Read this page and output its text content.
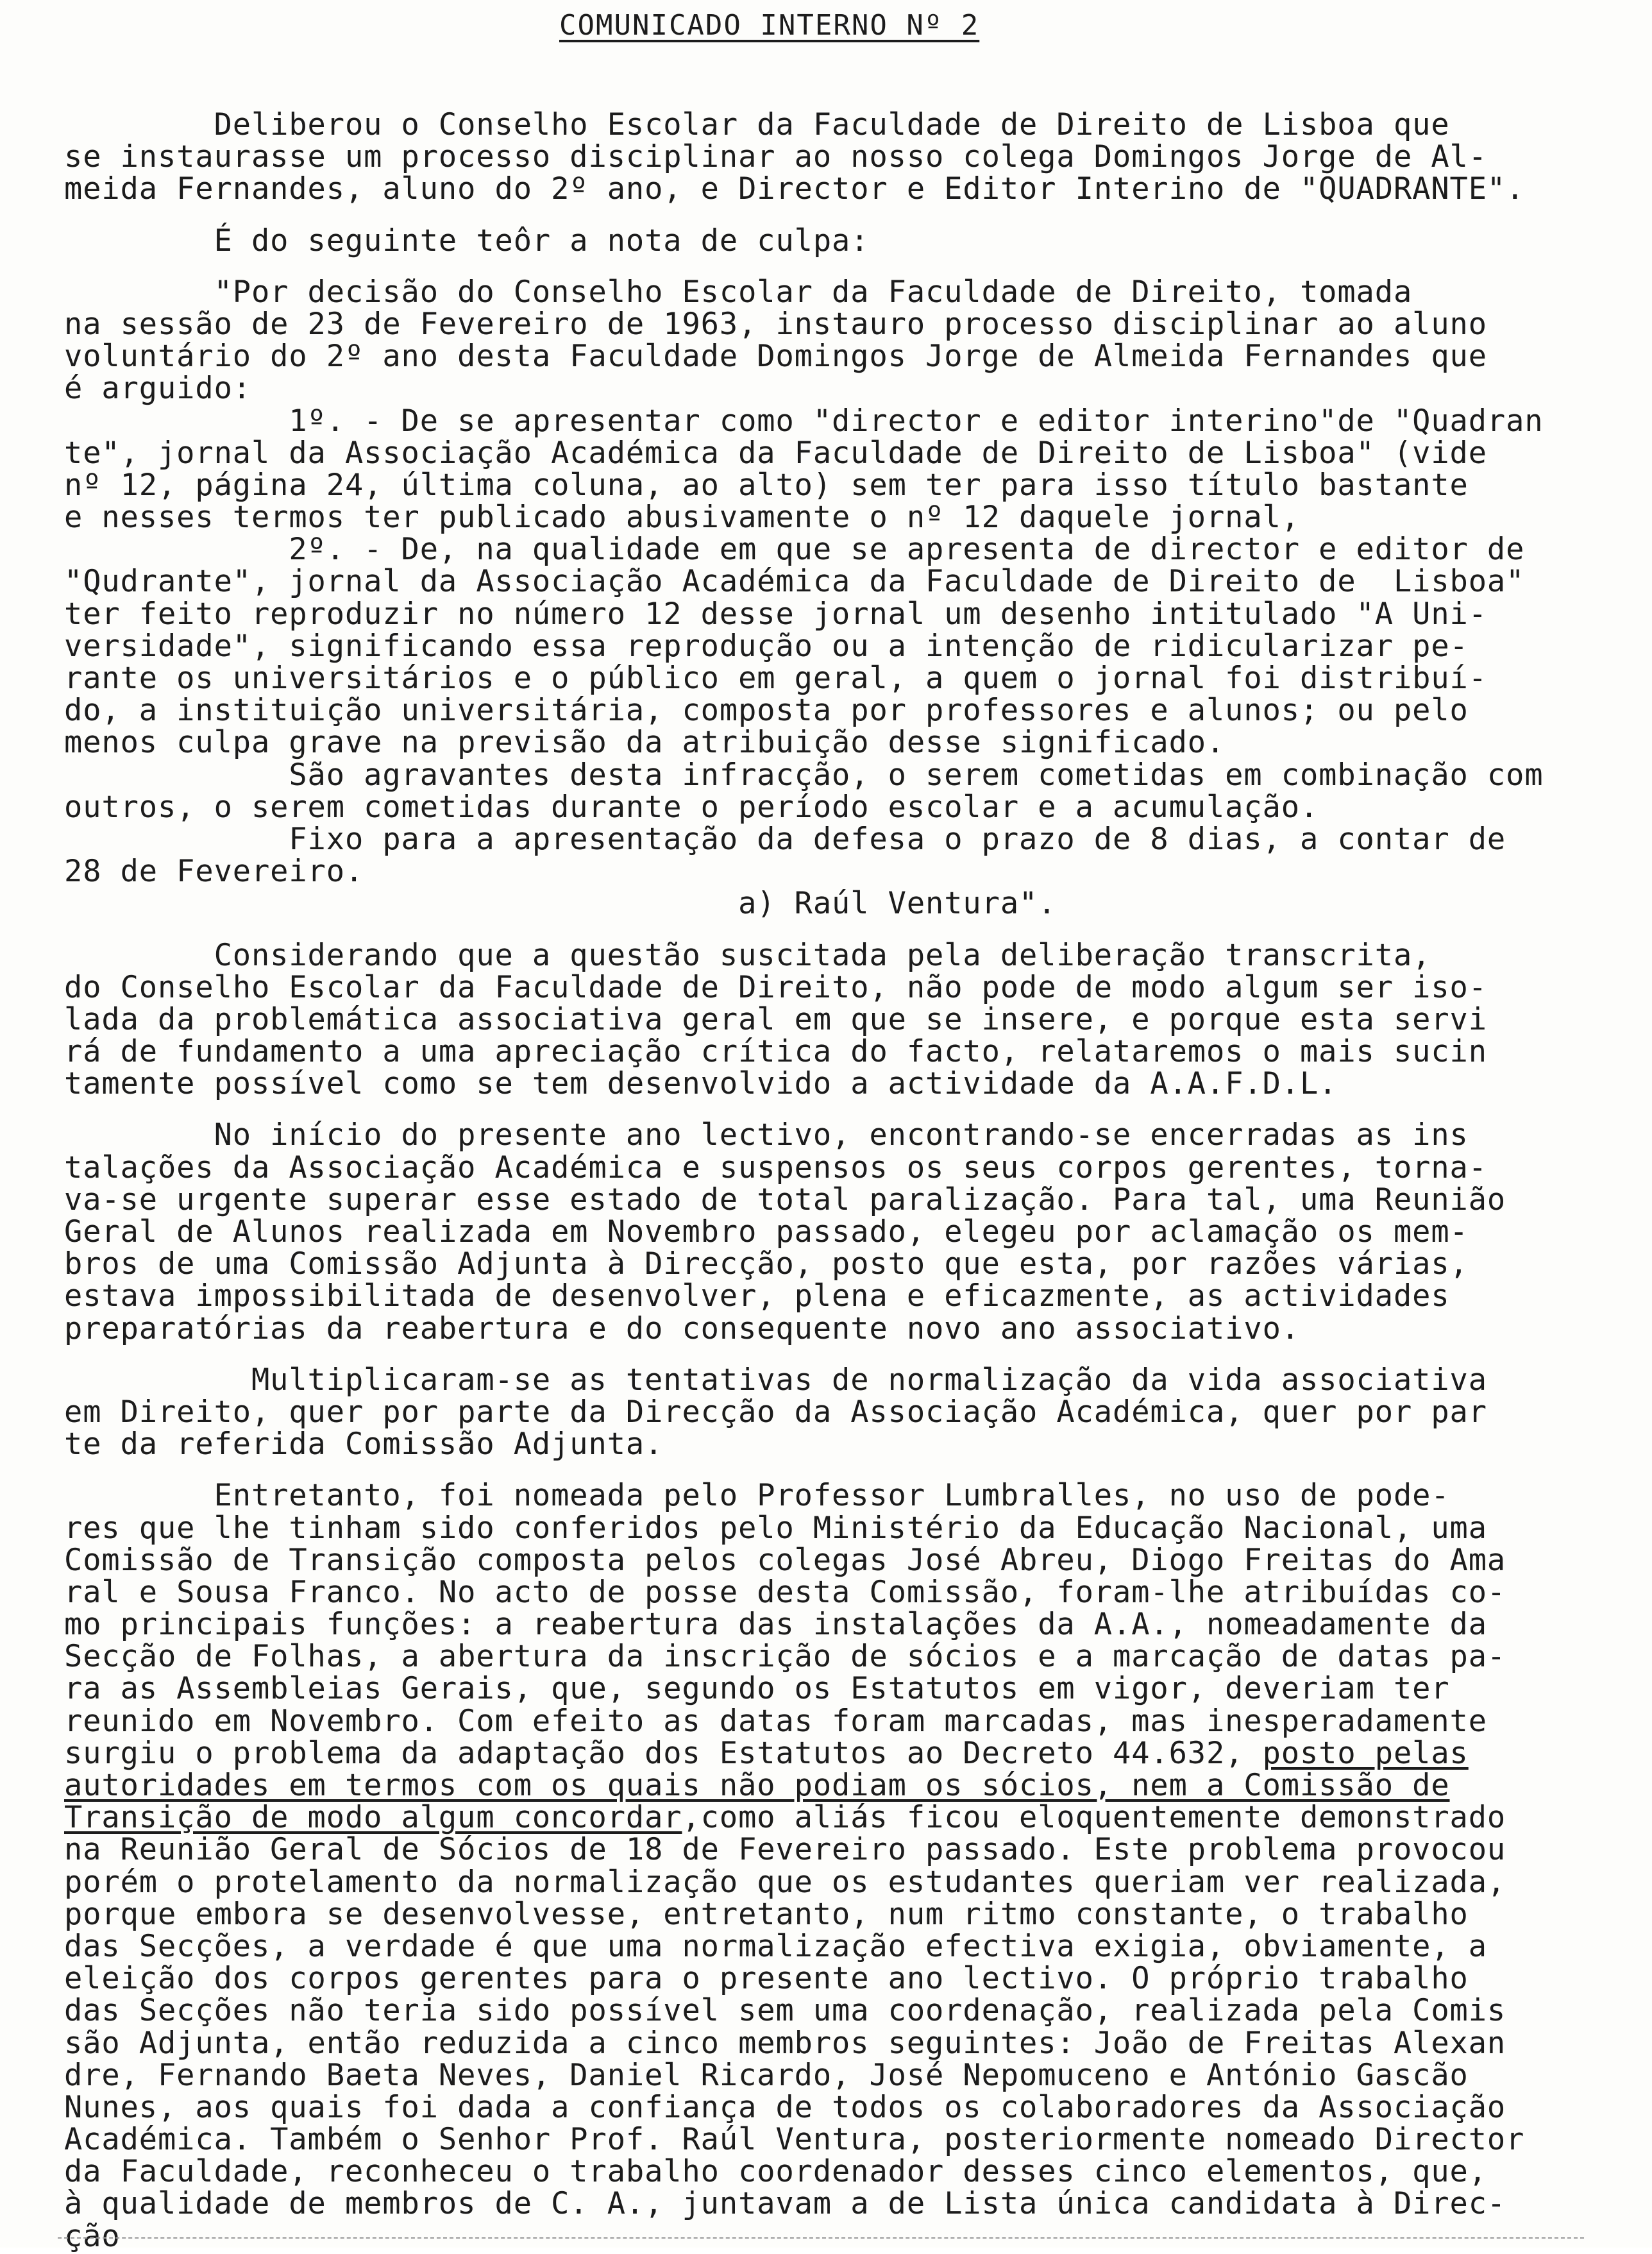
COMUNICADO INTERNO Nº 2
Deliberou o Conselho Escolar da Faculdade de Direito de Lisboa que
se instaurasse um processo disciplinar ao nosso colega Domingos Jorge de Al-
meida Fernandes, aluno do 2º ano, e Director e Editor Interino de "QUADRANTE".
É do seguinte teôr a nota de culpa:
"Por decisão do Conselho Escolar da Faculdade de Direito, tomada
na sessão de 23 de Fevereiro de 1963, instauro processo disciplinar ao aluno
voluntário do 2º ano desta Faculdade Domingos Jorge de Almeida Fernandes que
é arguido:
1º. - De se apresentar como "director e editor interino"de "Quadran
te", jornal da Associação Académica da Faculdade de Direito de Lisboa" (vide
nº 12, página 24, última coluna, ao alto) sem ter para isso título bastante
e nesses termos ter publicado abusivamente o nº 12 daquele jornal,
2º. - De, na qualidade em que se apresenta de director e editor de
"Qudrante", jornal da Associação Académica da Faculdade de Direito de  Lisboa"
ter feito reproduzir no número 12 desse jornal um desenho intitulado "A Uni-
versidade", significando essa reprodução ou a intenção de ridicularizar pe-
rante os universitários e o público em geral, a quem o jornal foi distribuí-
do, a instituição universitária, composta por professores e alunos; ou pelo
menos culpa grave na previsão da atribuição desse significado.
São agravantes desta infracção, o serem cometidas em combinação com
outros, o serem cometidas durante o período escolar e a acumulação.
Fixo para a apresentação da defesa o prazo de 8 dias, a contar de
28 de Fevereiro.
a) Raúl Ventura".
Considerando que a questão suscitada pela deliberação transcrita,
do Conselho Escolar da Faculdade de Direito, não pode de modo algum ser iso-
lada da problemática associativa geral em que se insere, e porque esta servi
rá de fundamento a uma apreciação crítica do facto, relataremos o mais sucin
tamente possível como se tem desenvolvido a actividade da A.A.F.D.L.
No início do presente ano lectivo, encontrando-se encerradas as ins
talações da Associação Académica e suspensos os seus corpos gerentes, torna-
va-se urgente superar esse estado de total paralização. Para tal, uma Reunião
Geral de Alunos realizada em Novembro passado, elegeu por aclamação os mem-
bros de uma Comissão Adjunta à Direcção, posto que esta, por razões várias,
estava impossibilitada de desenvolver, plena e eficazmente, as actividades
preparatórias da reabertura e do consequente novo ano associativo.
Multiplicaram-se as tentativas de normalização da vida associativa
em Direito, quer por parte da Direcção da Associação Académica, quer por par
te da referida Comissão Adjunta.
Entretanto, foi nomeada pelo Professor Lumbralles, no uso de pode-
res que lhe tinham sido conferidos pelo Ministério da Educação Nacional, uma
Comissão de Transição composta pelos colegas José Abreu, Diogo Freitas do Ama
ral e Sousa Franco. No acto de posse desta Comissão, foram-lhe atribuídas co-
mo principais funções: a reabertura das instalações da A.A., nomeadamente da
Secção de Folhas, a abertura da inscrição de sócios e a marcação de datas pa-
ra as Assembleias Gerais, que, segundo os Estatutos em vigor, deveriam ter
reunido em Novembro. Com efeito as datas foram marcadas, mas inesperadamente
surgiu o problema da adaptação dos Estatutos ao Decreto 44.632, posto pelas
autoridades em termos com os quais não podiam os sócios, nem a Comissão de
Transição de modo algum concordar,como aliás ficou eloquentemente demonstrado
na Reunião Geral de Sócios de 18 de Fevereiro passado. Este problema provocou
porém o protelamento da normalização que os estudantes queriam ver realizada,
porque embora se desenvolvesse, entretanto, num ritmo constante, o trabalho
das Secções, a verdade é que uma normalização efectiva exigia, obviamente, a
eleição dos corpos gerentes para o presente ano lectivo. O próprio trabalho
das Secções não teria sido possível sem uma coordenação, realizada pela Comis
são Adjunta, então reduzida a cinco membros seguintes: João de Freitas Alexan
dre, Fernando Baeta Neves, Daniel Ricardo, José Nepomuceno e António Gascão
Nunes, aos quais foi dada a confiança de todos os colaboradores da Associação
Académica. Também o Senhor Prof. Raúl Ventura, posteriormente nomeado Director
da Faculdade, reconheceu o trabalho coordenador desses cinco elementos, que,
à qualidade de membros de C. A., juntavam a de Lista única candidata à Direc-
ção
